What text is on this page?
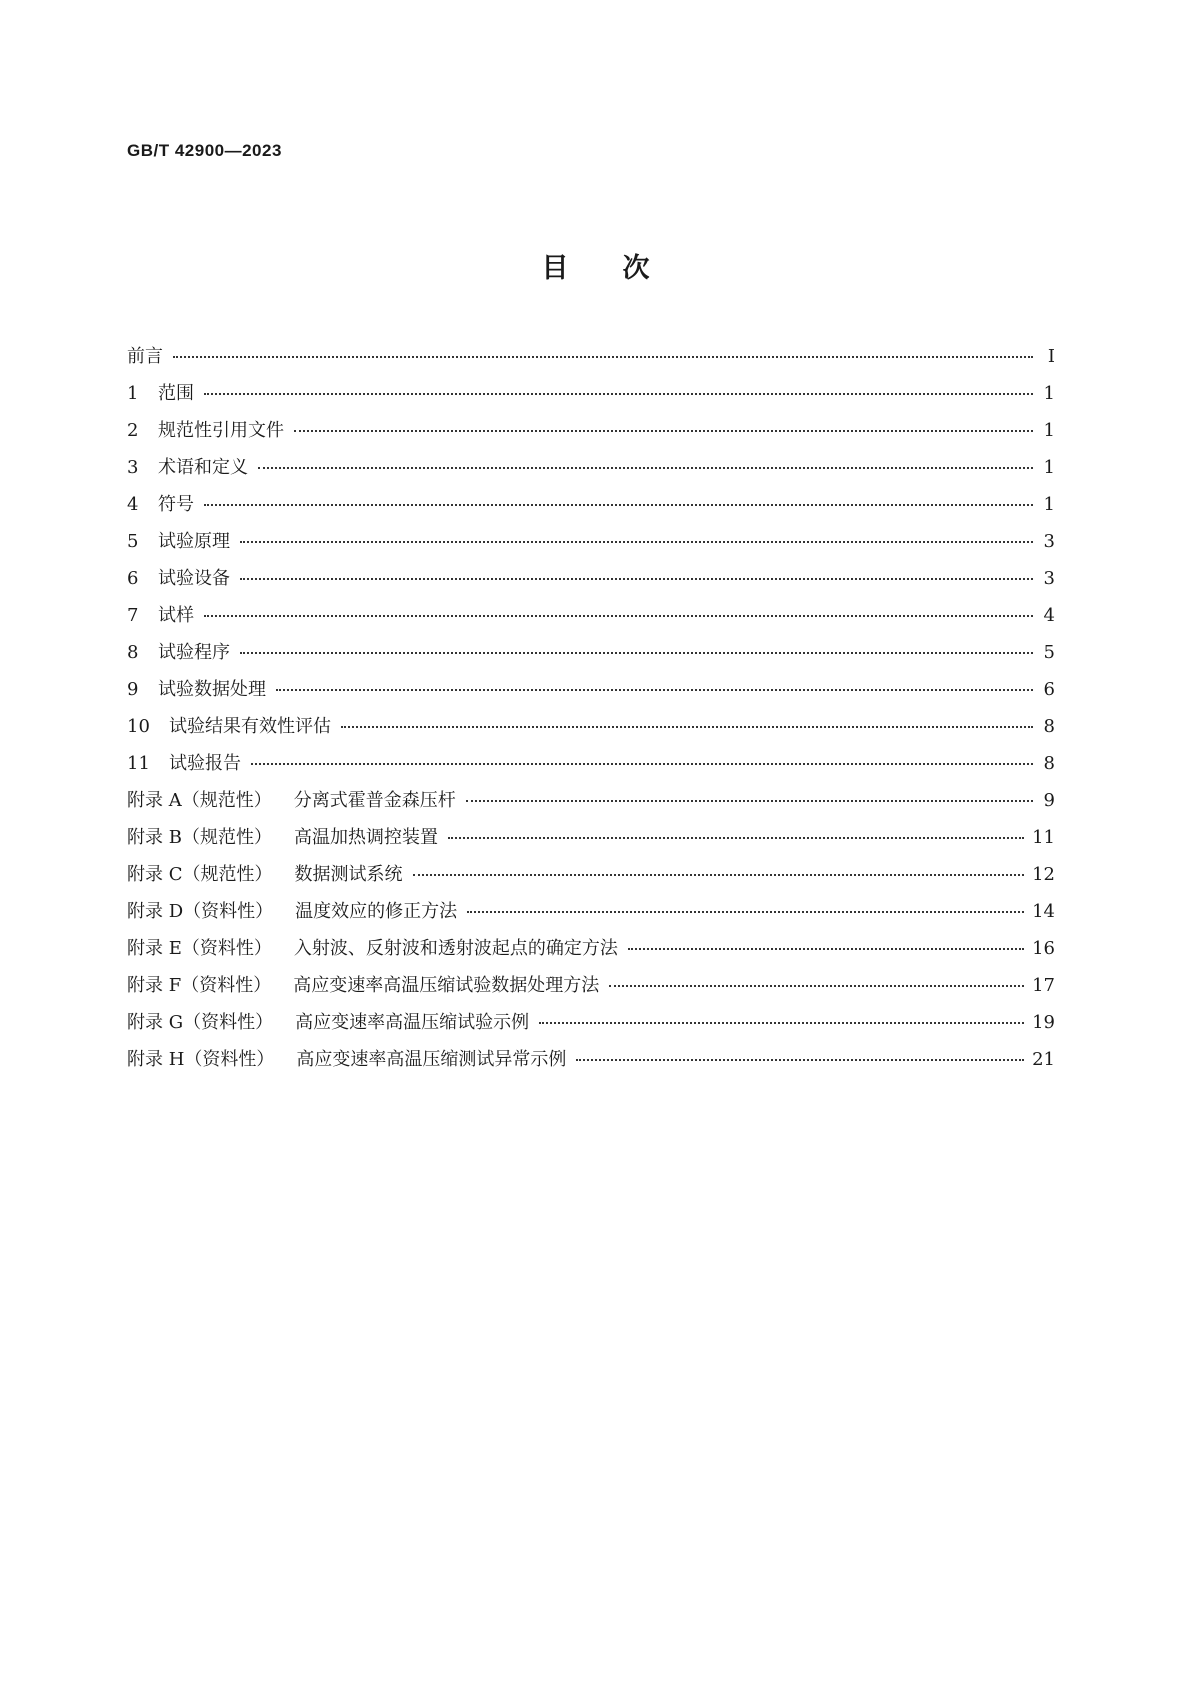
GB/T 42900—2023
目次
前言	Ⅰ
1 范围	1
2 规范性引用文件	1
3 术语和定义	1
4 符号	1
5 试验原理	3
6 试验设备	3
7 试样	4
8 试验程序	5
9 试验数据处理	6
10 试验结果有效性评估	8
11 试验报告	8
附录 A（规范性） 分离式霍普金森压杆	9
附录 B（规范性） 高温加热调控装置	11
附录 C（规范性） 数据测试系统	12
附录 D（资料性） 温度效应的修正方法	14
附录 E（资料性） 入射波、反射波和透射波起点的确定方法	16
附录 F（资料性） 高应变速率高温压缩试验数据处理方法	17
附录 G（资料性） 高应变速率高温压缩试验示例	19
附录 H（资料性） 高应变速率高温压缩测试异常示例	21
